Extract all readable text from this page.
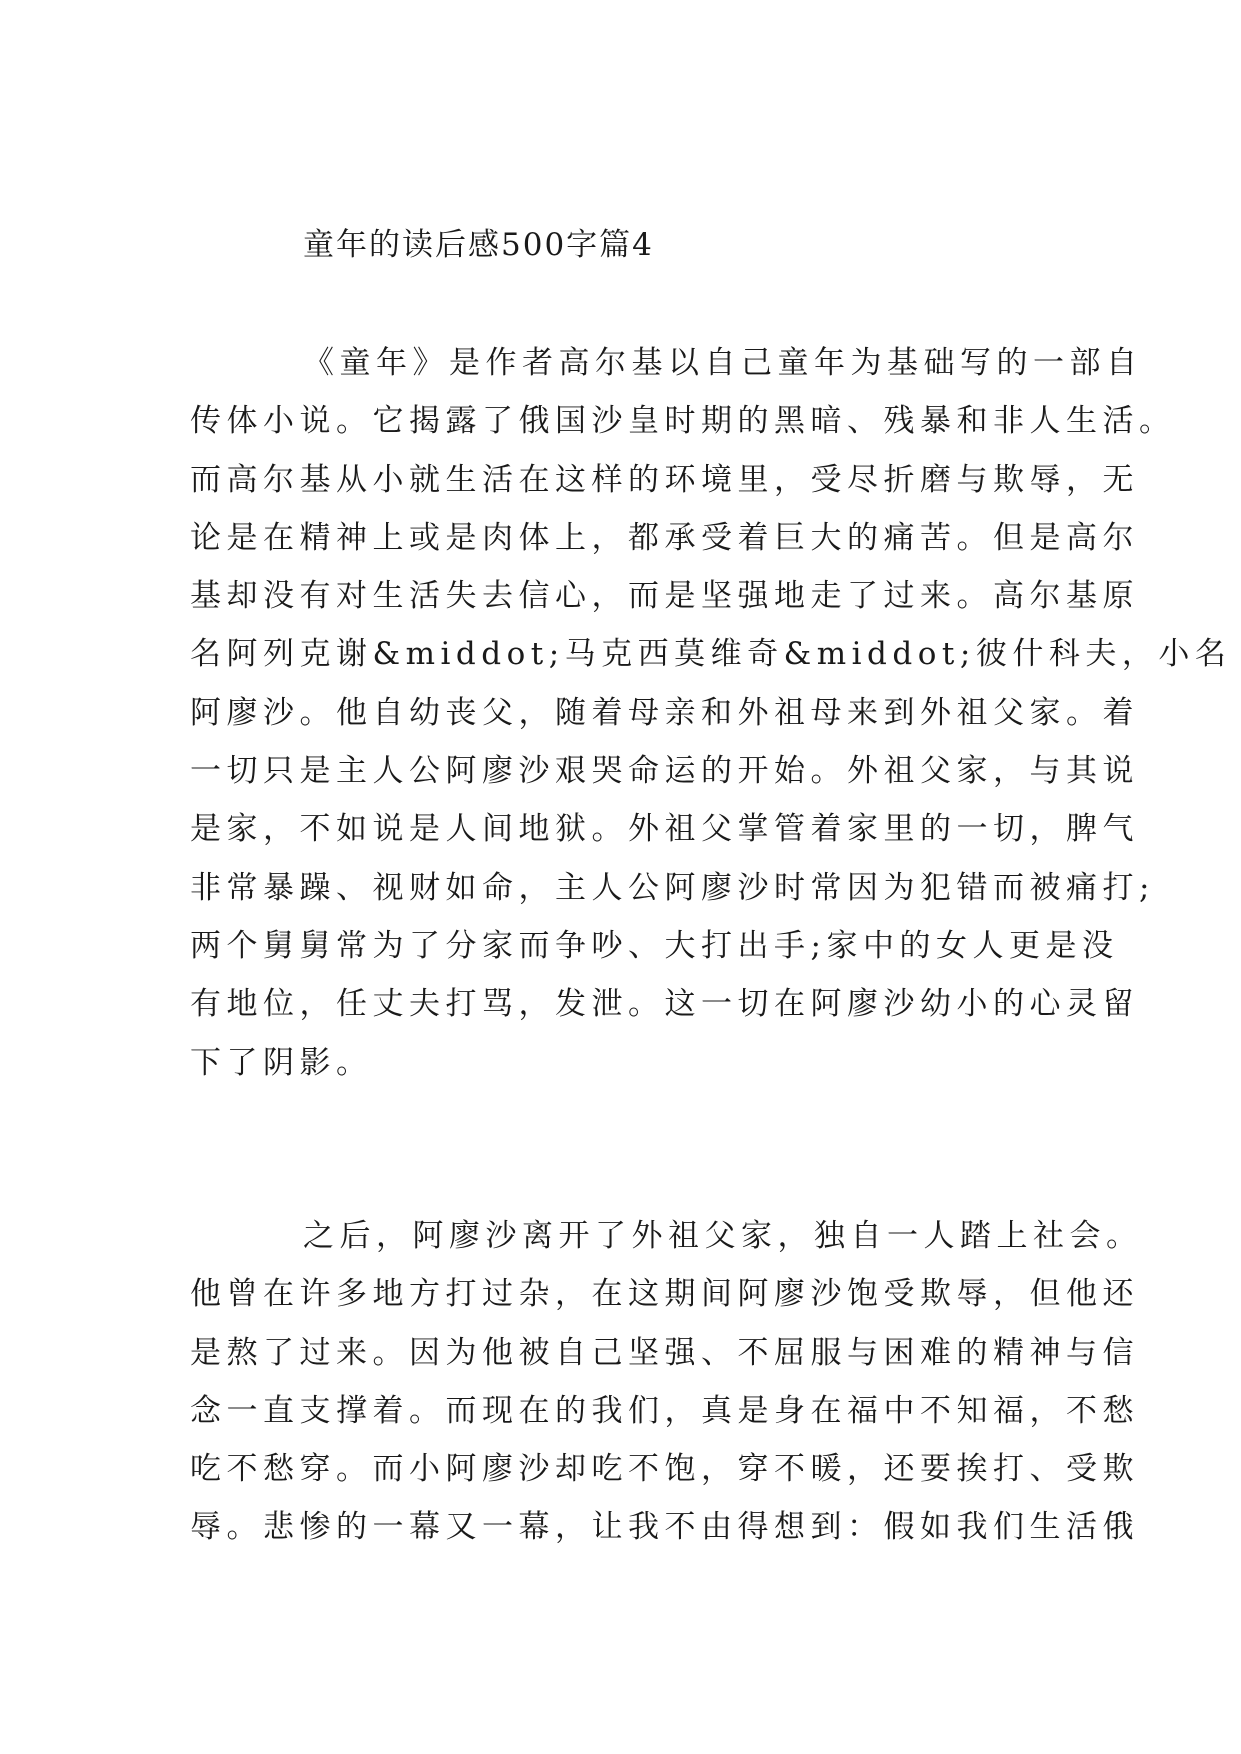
童年的读后感500字篇4
《童年》是作者高尔基以自己童年为基础写的一部自
传体小说。它揭露了俄国沙皇时期的黑暗、残暴和非人生活。
而高尔基从小就生活在这样的环境里，受尽折磨与欺辱，无
论是在精神上或是肉体上，都承受着巨大的痛苦。但是高尔
基却没有对生活失去信心，而是坚强地走了过来。高尔基原
名阿列克谢&middot;马克西莫维奇&middot;彼什科夫，小名
阿廖沙。他自幼丧父，随着母亲和外祖母来到外祖父家。着
一切只是主人公阿廖沙艰哭命运的开始。外祖父家，与其说
是家，不如说是人间地狱。外祖父掌管着家里的一切，脾气
非常暴躁、视财如命，主人公阿廖沙时常因为犯错而被痛打;
两个舅舅常为了分家而争吵、大打出手;家中的女人更是没
有地位，任丈夫打骂，发泄。这一切在阿廖沙幼小的心灵留
下了阴影。
之后，阿廖沙离开了外祖父家，独自一人踏上社会。
他曾在许多地方打过杂，在这期间阿廖沙饱受欺辱，但他还
是熬了过来。因为他被自己坚强、不屈服与困难的精神与信
念一直支撑着。而现在的我们，真是身在福中不知福，不愁
吃不愁穿。而小阿廖沙却吃不饱，穿不暖，还要挨打、受欺
辱。悲惨的一幕又一幕，让我不由得想到：假如我们生活俄
